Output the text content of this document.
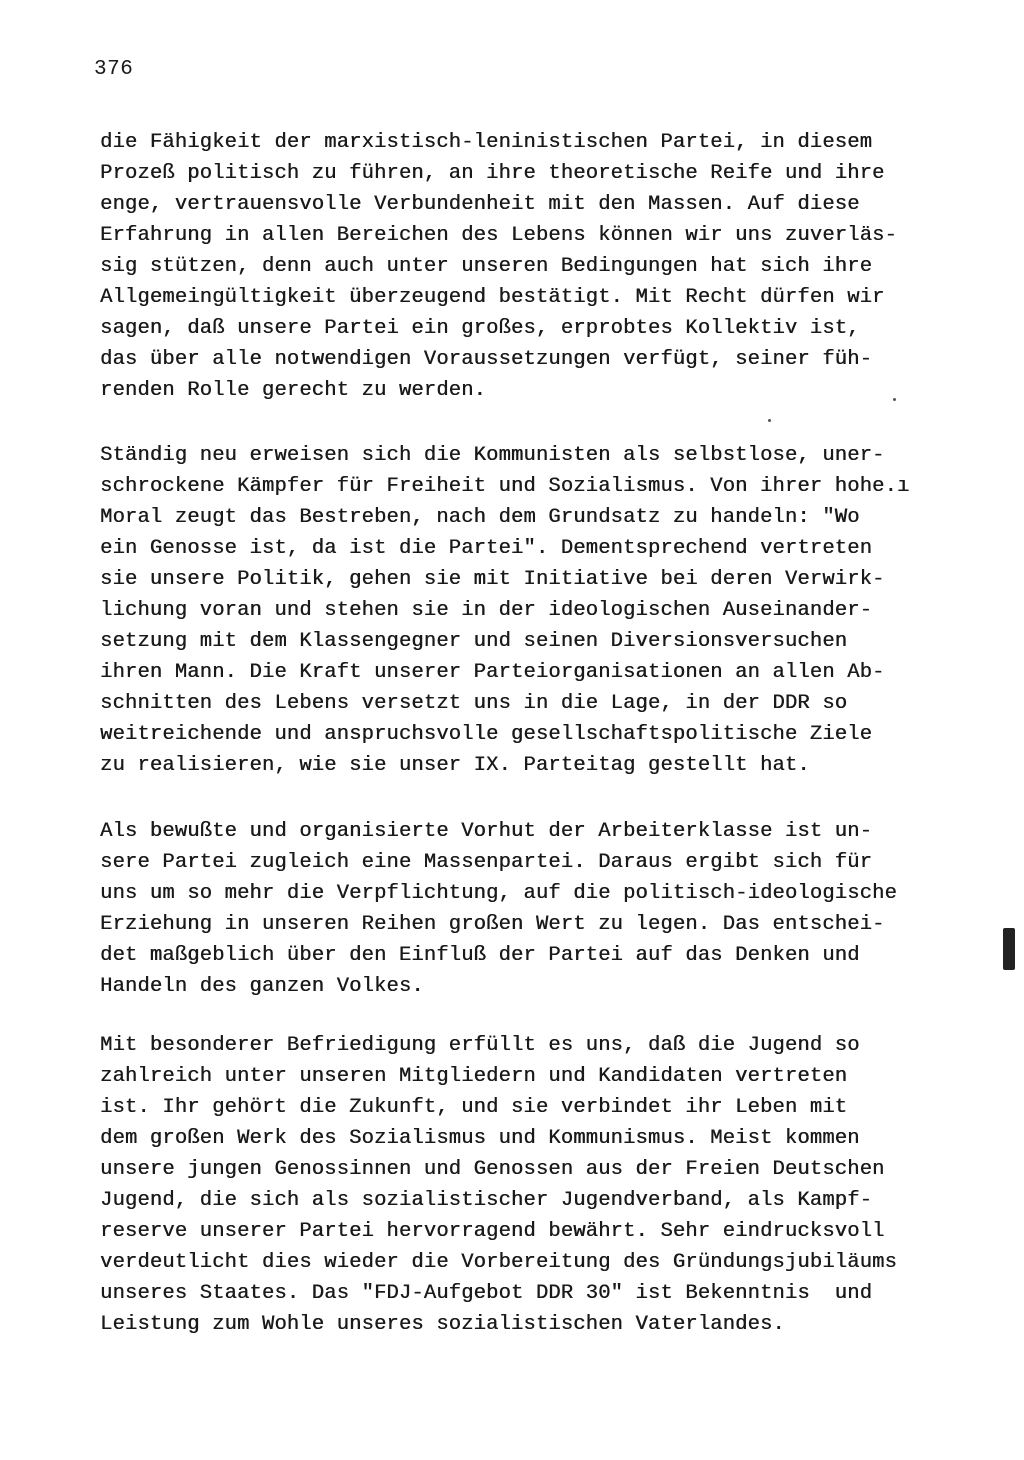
376
die Fähigkeit der marxistisch-leninistischen Partei, in diesem
Prozeß politisch zu führen, an ihre theoretische Reife und ihre
enge, vertrauensvolle Verbundenheit mit den Massen. Auf diese
Erfahrung in allen Bereichen des Lebens können wir uns zuverläs-
sig stützen, denn auch unter unseren Bedingungen hat sich ihre
Allgemeingültigkeit überzeugend bestätigt. Mit Recht dürfen wir
sagen, daß unsere Partei ein großes, erprobtes Kollektiv ist,
das über alle notwendigen Voraussetzungen verfügt, seiner füh-
renden Rolle gerecht zu werden.
Ständig neu erweisen sich die Kommunisten als selbstlose, uner-
schrockene Kämpfer für Freiheit und Sozialismus. Von ihrer hohe.ı
Moral zeugt das Bestreben, nach dem Grundsatz zu handeln: "Wo
ein Genosse ist, da ist die Partei". Dementsprechend vertreten
sie unsere Politik, gehen sie mit Initiative bei deren Verwirk-
lichung voran und stehen sie in der ideologischen Auseinander-
setzung mit dem Klassengegner und seinen Diversionsversuchen
ihren Mann. Die Kraft unserer Parteiorganisationen an allen Ab-
schnitten des Lebens versetzt uns in die Lage, in der DDR so
weitreichende und anspruchsvolle gesellschaftspolitische Ziele
zu realisieren, wie sie unser IX. Parteitag gestellt hat.
Als bewußte und organisierte Vorhut der Arbeiterklasse ist un-
sere Partei zugleich eine Massenpartei. Daraus ergibt sich für
uns um so mehr die Verpflichtung, auf die politisch-ideologische
Erziehung in unseren Reihen großen Wert zu legen. Das entschei-
det maßgeblich über den Einfluß der Partei auf das Denken und
Handeln des ganzen Volkes.
Mit besonderer Befriedigung erfüllt es uns, daß die Jugend so
zahlreich unter unseren Mitgliedern und Kandidaten vertreten
ist. Ihr gehört die Zukunft, und sie verbindet ihr Leben mit
dem großen Werk des Sozialismus und Kommunismus. Meist kommen
unsere jungen Genossinnen und Genossen aus der Freien Deutschen
Jugend, die sich als sozialistischer Jugendverband, als Kampf-
reserve unserer Partei hervorragend bewährt. Sehr eindrucksvoll
verdeutlicht dies wieder die Vorbereitung des Gründungsjubiläums
unseres Staates. Das "FDJ-Aufgebot DDR 30" ist Bekenntnis  und
Leistung zum Wohle unseres sozialistischen Vaterlandes.
